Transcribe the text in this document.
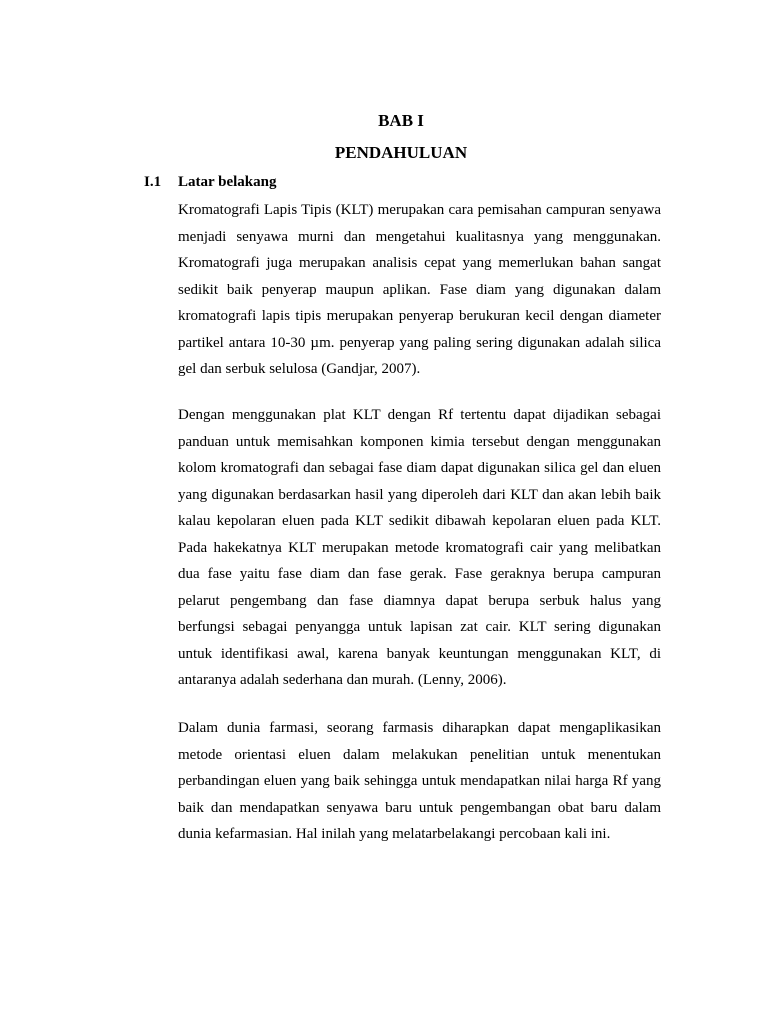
BAB I
PENDAHULUAN
I.1 Latar belakang

Kromatografi Lapis Tipis (KLT) merupakan cara pemisahan campuran senyawa
menjadi senyawa murni dan mengetahui kualitasnya yang menggunakan.
Kromatografi juga merupakan analisis cepat yang memerlukan bahan sangat
sedikit baik penyerap maupun aplikan. Fase diam yang digunakan dalam
kromatografi lapis tipis merupakan penyerap berukuran kecil dengan diameter
partikel antara 10-30 µm. penyerap yang paling sering digunakan adalah silica
gel dan serbuk selulosa (Gandjar, 2007).

Dengan menggunakan plat KLT dengan Rf tertentu dapat dijadikan sebagai
panduan untuk memisahkan komponen kimia tersebut dengan menggunakan
kolom kromatografi dan sebagai fase diam dapat digunakan silica gel dan eluen
yang digunakan berdasarkan hasil yang diperoleh dari KLT dan akan lebih baik
kalau kepolaran eluen pada KLT sedikit dibawah kepolaran eluen pada KLT.
Pada hakekatnya KLT merupakan metode kromatografi cair yang melibatkan
dua fase yaitu fase diam dan fase gerak. Fase geraknya berupa campuran
pelarut pengembang dan fase diamnya dapat berupa serbuk halus yang
berfungsi sebagai penyangga untuk lapisan zat cair. KLT sering digunakan
untuk identifikasi awal, karena banyak keuntungan menggunakan KLT, di
antaranya adalah sederhana dan murah. (Lenny, 2006).

Dalam dunia farmasi, seorang farmasis diharapkan dapat mengaplikasikan
metode orientasi eluen dalam melakukan penelitian untuk menentukan
perbandingan eluen yang baik sehingga untuk mendapatkan nilai harga Rf yang
baik dan mendapatkan senyawa baru untuk pengembangan obat baru dalam
dunia kefarmasian. Hal inilah yang melatarbelakangi percobaan kali ini.
